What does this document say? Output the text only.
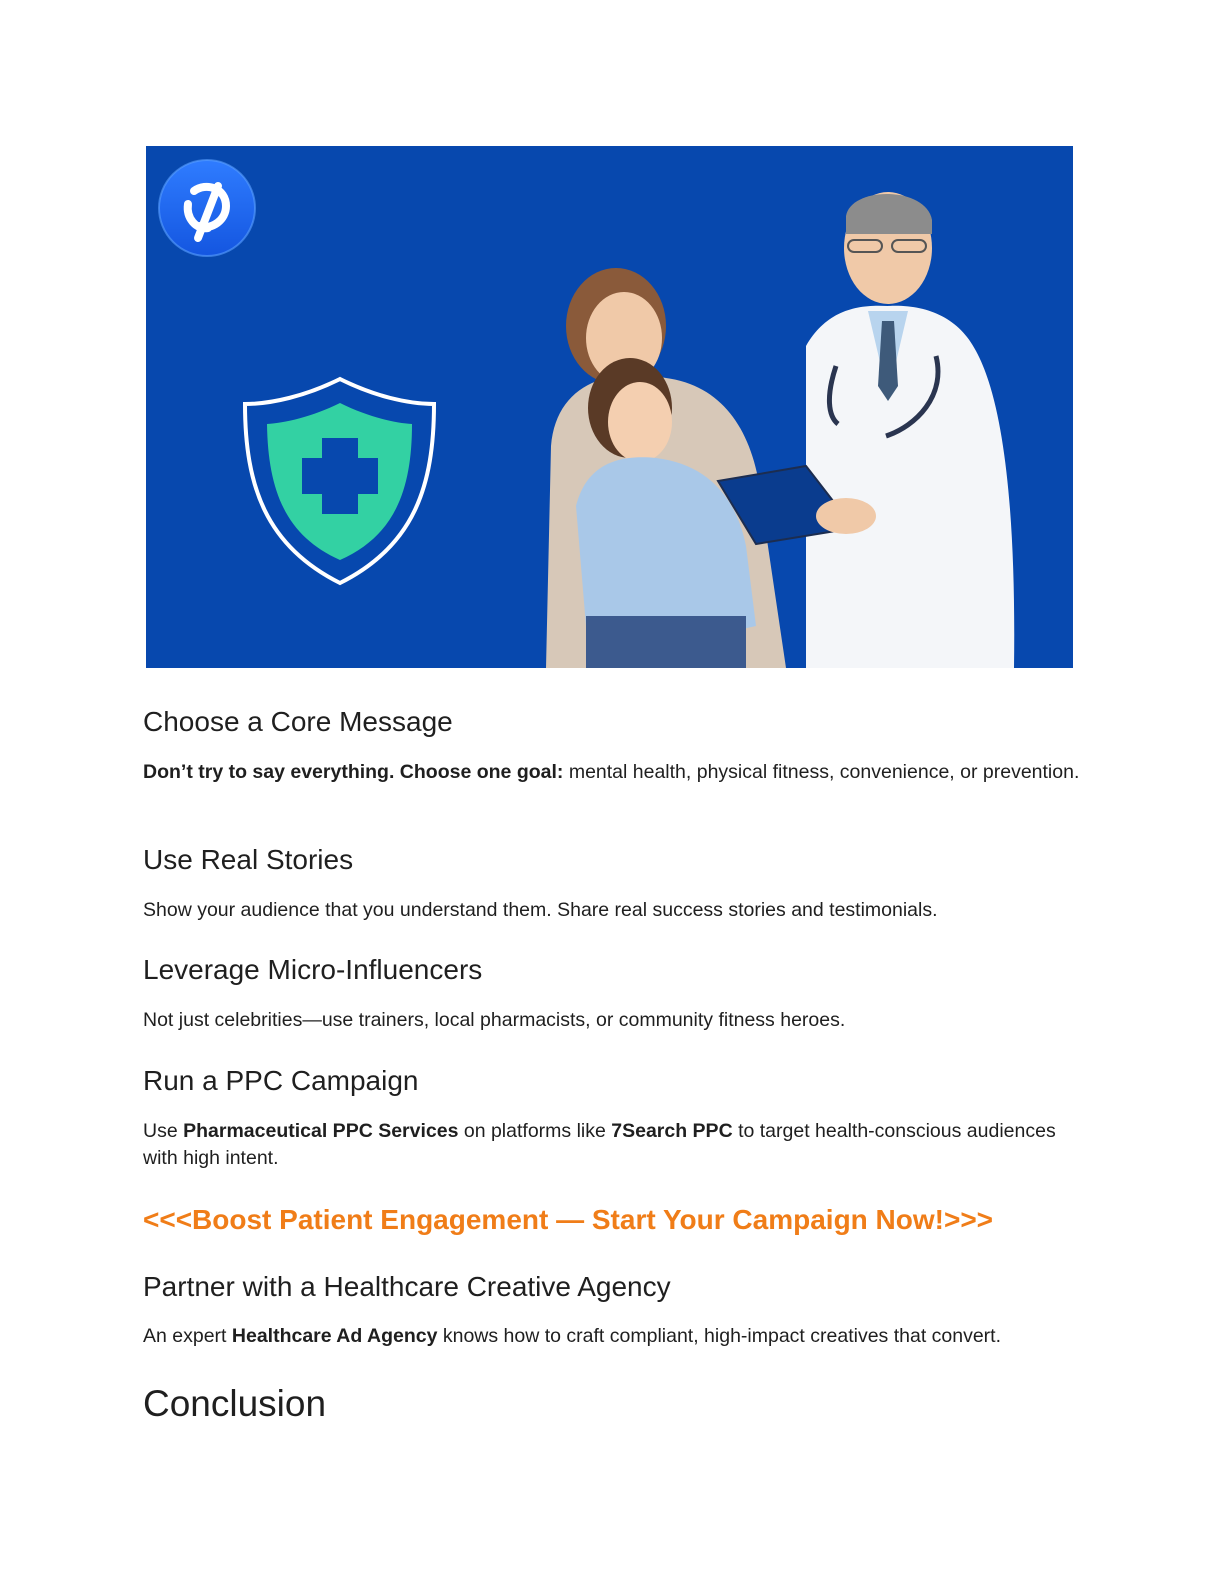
Choose a Core Message

Don’t try to say everything. Choose one goal: mental health, physical fitness, convenience, or prevention.

Use Real Stories

Show your audience that you understand them. Share real success stories and testimonials.

Leverage Micro-Influencers

Not just celebrities—use trainers, local pharmacists, or community fitness heroes.

Run a PPC Campaign

Use Pharmaceutical PPC Services on platforms like 7Search PPC to target health-conscious audiences with high intent.

<<<Boost Patient Engagement — Start Your Campaign Now!>>>

Partner with a Healthcare Creative Agency

An expert Healthcare Ad Agency knows how to craft compliant, high-impact creatives that convert.

Conclusion
